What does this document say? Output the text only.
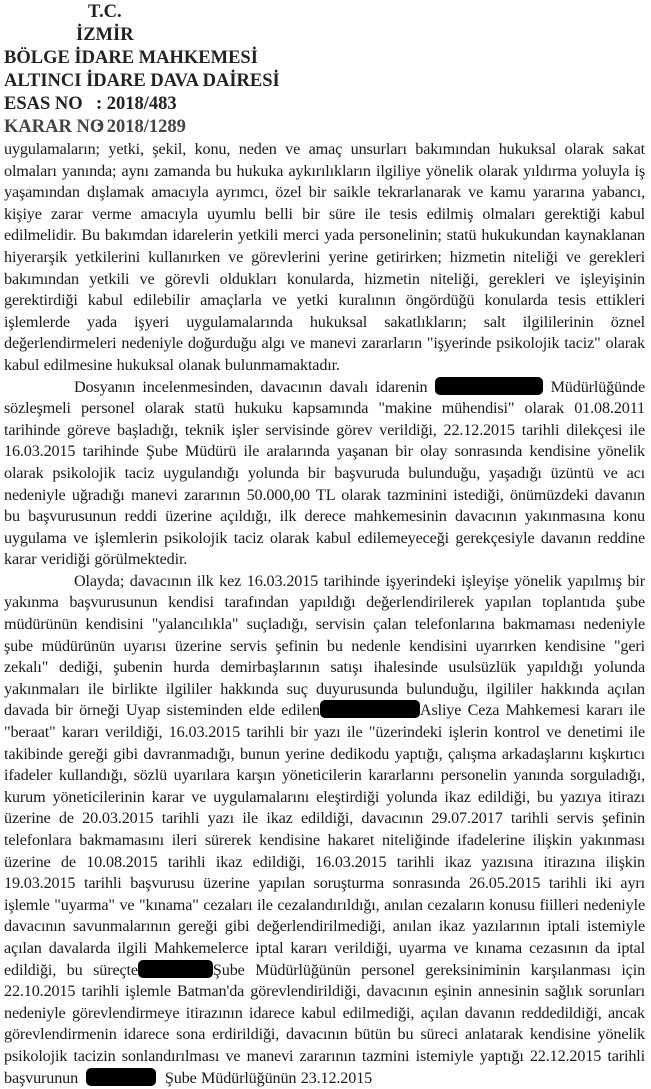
T.C.
İZMİR
BÖLGE İDARE MAHKEMESİ
ALTINCI İDARE DAVA DAİRESİ
ESAS NO : 2018/483
KARAR NO: 2018/1289

uygulamaların; yetki, şekil, konu, neden ve amaç unsurları bakımından hukuksal olarak sakat olmaları yanında; aynı zamanda bu hukuka aykırılıkların ilgiliye yönelik olarak yıldırma yoluyla iş yaşamından dışlamak amacıyla ayrımcı, özel bir saikle tekrarlanarak ve kamu yararına yabancı, kişiye zarar verme amacıyla uyumlu belli bir süre ile tesis edilmiş olmaları gerektiği kabul edilmelidir. Bu bakımdan idarelerin yetkili merci yada personelinin; statü hukukundan kaynaklanan hiyerarşik yetkilerini kullanırken ve görevlerini yerine getirirken; hizmetin niteliği ve gerekleri bakımından yetkili ve görevli oldukları konularda, hizmetin niteliği, gerekleri ve işleyişinin gerektirdiği kabul edilebilir amaçlarla ve yetki kuralının öngördüğü konularda tesis ettikleri işlemlerde yada işyeri uygulamalarında hukuksal sakatlıkların; salt ilgililerinin öznel değerlendirmeleri nedeniyle doğurduğu algı ve manevi zararların "işyerinde psikolojik taciz" olarak kabul edilmesine hukuksal olanak bulunmamaktadır.

Dosyanın incelenmesinden, davacının davalı idarenin	Müdürlüğünde sözleşmeli personel olarak statü hukuku kapsamında "makine mühendisi" olarak 01.08.2011 tarihinde göreve başladığı, teknik işler servisinde görev verildiği, 22.12.2015 tarihli dilekçesi ile 16.03.2015 tarihinde Şube Müdürü ile aralarında yaşanan bir olay sonrasında kendisine yönelik olarak psikolojik taciz uygulandığı yolunda bir başvuruda bulunduğu, yaşadığı üzüntü ve acı nedeniyle uğradığı manevi zararının 50.000,00 TL olarak tazminini istediği, önümüzdeki davanın bu başvurusunun reddi üzerine açıldığı, ilk derece mahkemesinin davacının yakınmasına konu uygulama ve işlemlerin psikolojik taciz olarak kabul edilemeyeceği gerekçesiyle davanın reddine karar veridiği görülmektedir.

Olayda; davacının ilk kez 16.03.2015 tarihinde işyerindeki işleyişe yönelik yapılmış bir yakınma başvurusunun kendisi tarafından yapıldığı değerlendirilerek yapılan toplantıda şube müdürünün kendisini "yalancılıkla" suçladığı, servisin çalan telefonlarına bakmaması nedeniyle şube müdürünün uyarısı üzerine servis şefinin bu nedenle kendisini uyarırken kendisine "geri zekalı" dediği, şubenin hurda demirbaşlarının satışı ihalesinde usulsüzlük yapıldığı yolunda yakınmaları ile birlikte ilgililer hakkında suç duyurusunda bulunduğu, ilgililer hakkında açılan davada bir örneği Uyap sisteminden elde edilen	Asliye Ceza Mahkemesi kararı ile "beraat" kararı verildiği, 16.03.2015 tarihli bir yazı ile "üzerindeki işlerin kontrol ve denetimi ile takibinde gereği gibi davranmadığı, bunun yerine dedikodu yaptığı, çalışma arkadaşlarını kışkırtıcı ifadeler kullandığı, sözlü uyarılara karşın yöneticilerin kararlarını personelin yanında sorguladığı, kurum yöneticilerinin karar ve uygulamalarını eleştirdiği yolunda ikaz edildiği, bu yazıya itirazı üzerine de 20.03.2015 tarihli yazı ile ikaz edildiği, davacının 29.07.2017 tarihli servis şefinin telefonlara bakmamasını ileri sürerek kendisine hakaret niteliğinde ifadelerine ilişkin yakınması üzerine de 10.08.2015 tarihli ikaz edildiği, 16.03.2015 tarihli ikaz yazısına itirazına ilişkin 19.03.2015 tarihli başvurusu üzerine yapılan soruşturma sonrasında 26.05.2015 tarihli iki ayrı işlemle "uyarma" ve "kınama" cezaları ile cezalandırıldığı, anılan cezaların konusu fiilleri nedeniyle davacının savunmalarının gereği gibi değerlendirilmediği, anılan ikaz yazılarının iptali istemiyle açılan davalarda ilgili Mahkemelerce iptal kararı verildiği, uyarma ve kınama cezasının da iptal edildiği, bu süreçte	Şube Müdürlüğünün personel gereksiniminin karşılanması için 22.10.2015 tarihli işlemle Batman'da görevlendirildiği, davacının eşinin annesinin sağlık sorunları nedeniyle görevlendirmeye itirazının idarece kabul edilmediği, açılan davanın reddedildiği, ancak görevlendirmenin idarece sona erdirildiği, davacının bütün bu süreci anlatarak kendisine yönelik psikolojik tacizin sonlandırılması ve manevi zararının tazmini istemiyle yaptığı 22.12.2015 tarihli başvurunun	Şube Müdürlüğünün 23.12.2015
